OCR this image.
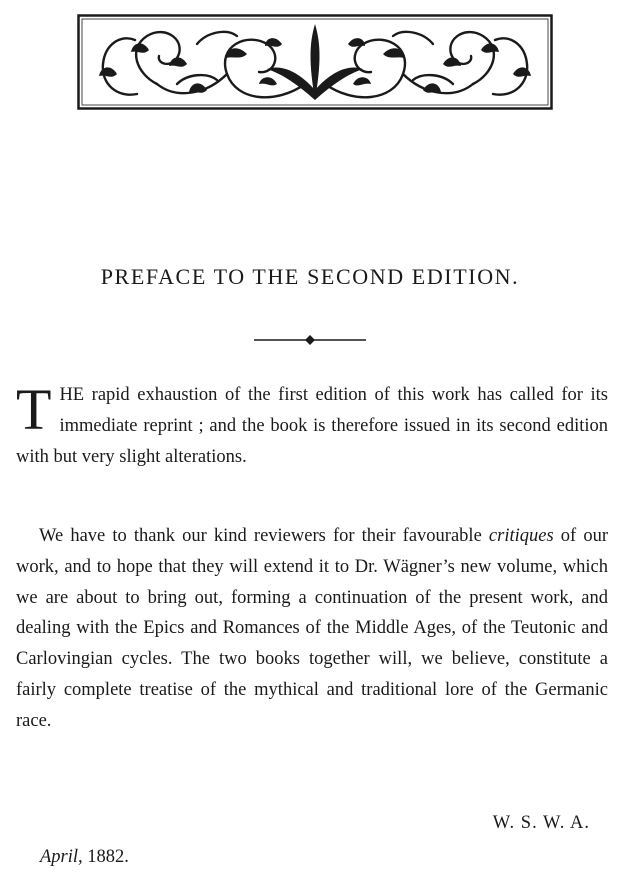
PREFACE TO THE SECOND EDITION.

THE rapid exhaustion of the first edition of this work has called for its immediate reprint ; and the book is therefore issued in its second edition with but very slight alterations.

We have to thank our kind reviewers for their favourable critiques of our work, and to hope that they will extend it to Dr. Wägner’s new volume, which we are about to bring out, forming a continuation of the present work, and dealing with the Epics and Romances of the Middle Ages, of the Teutonic and Carlovingian cycles. The two books together will, we believe, constitute a fairly complete treatise of the mythical and traditional lore of the Germanic race.

W. S. W. A.
April, 1882.
